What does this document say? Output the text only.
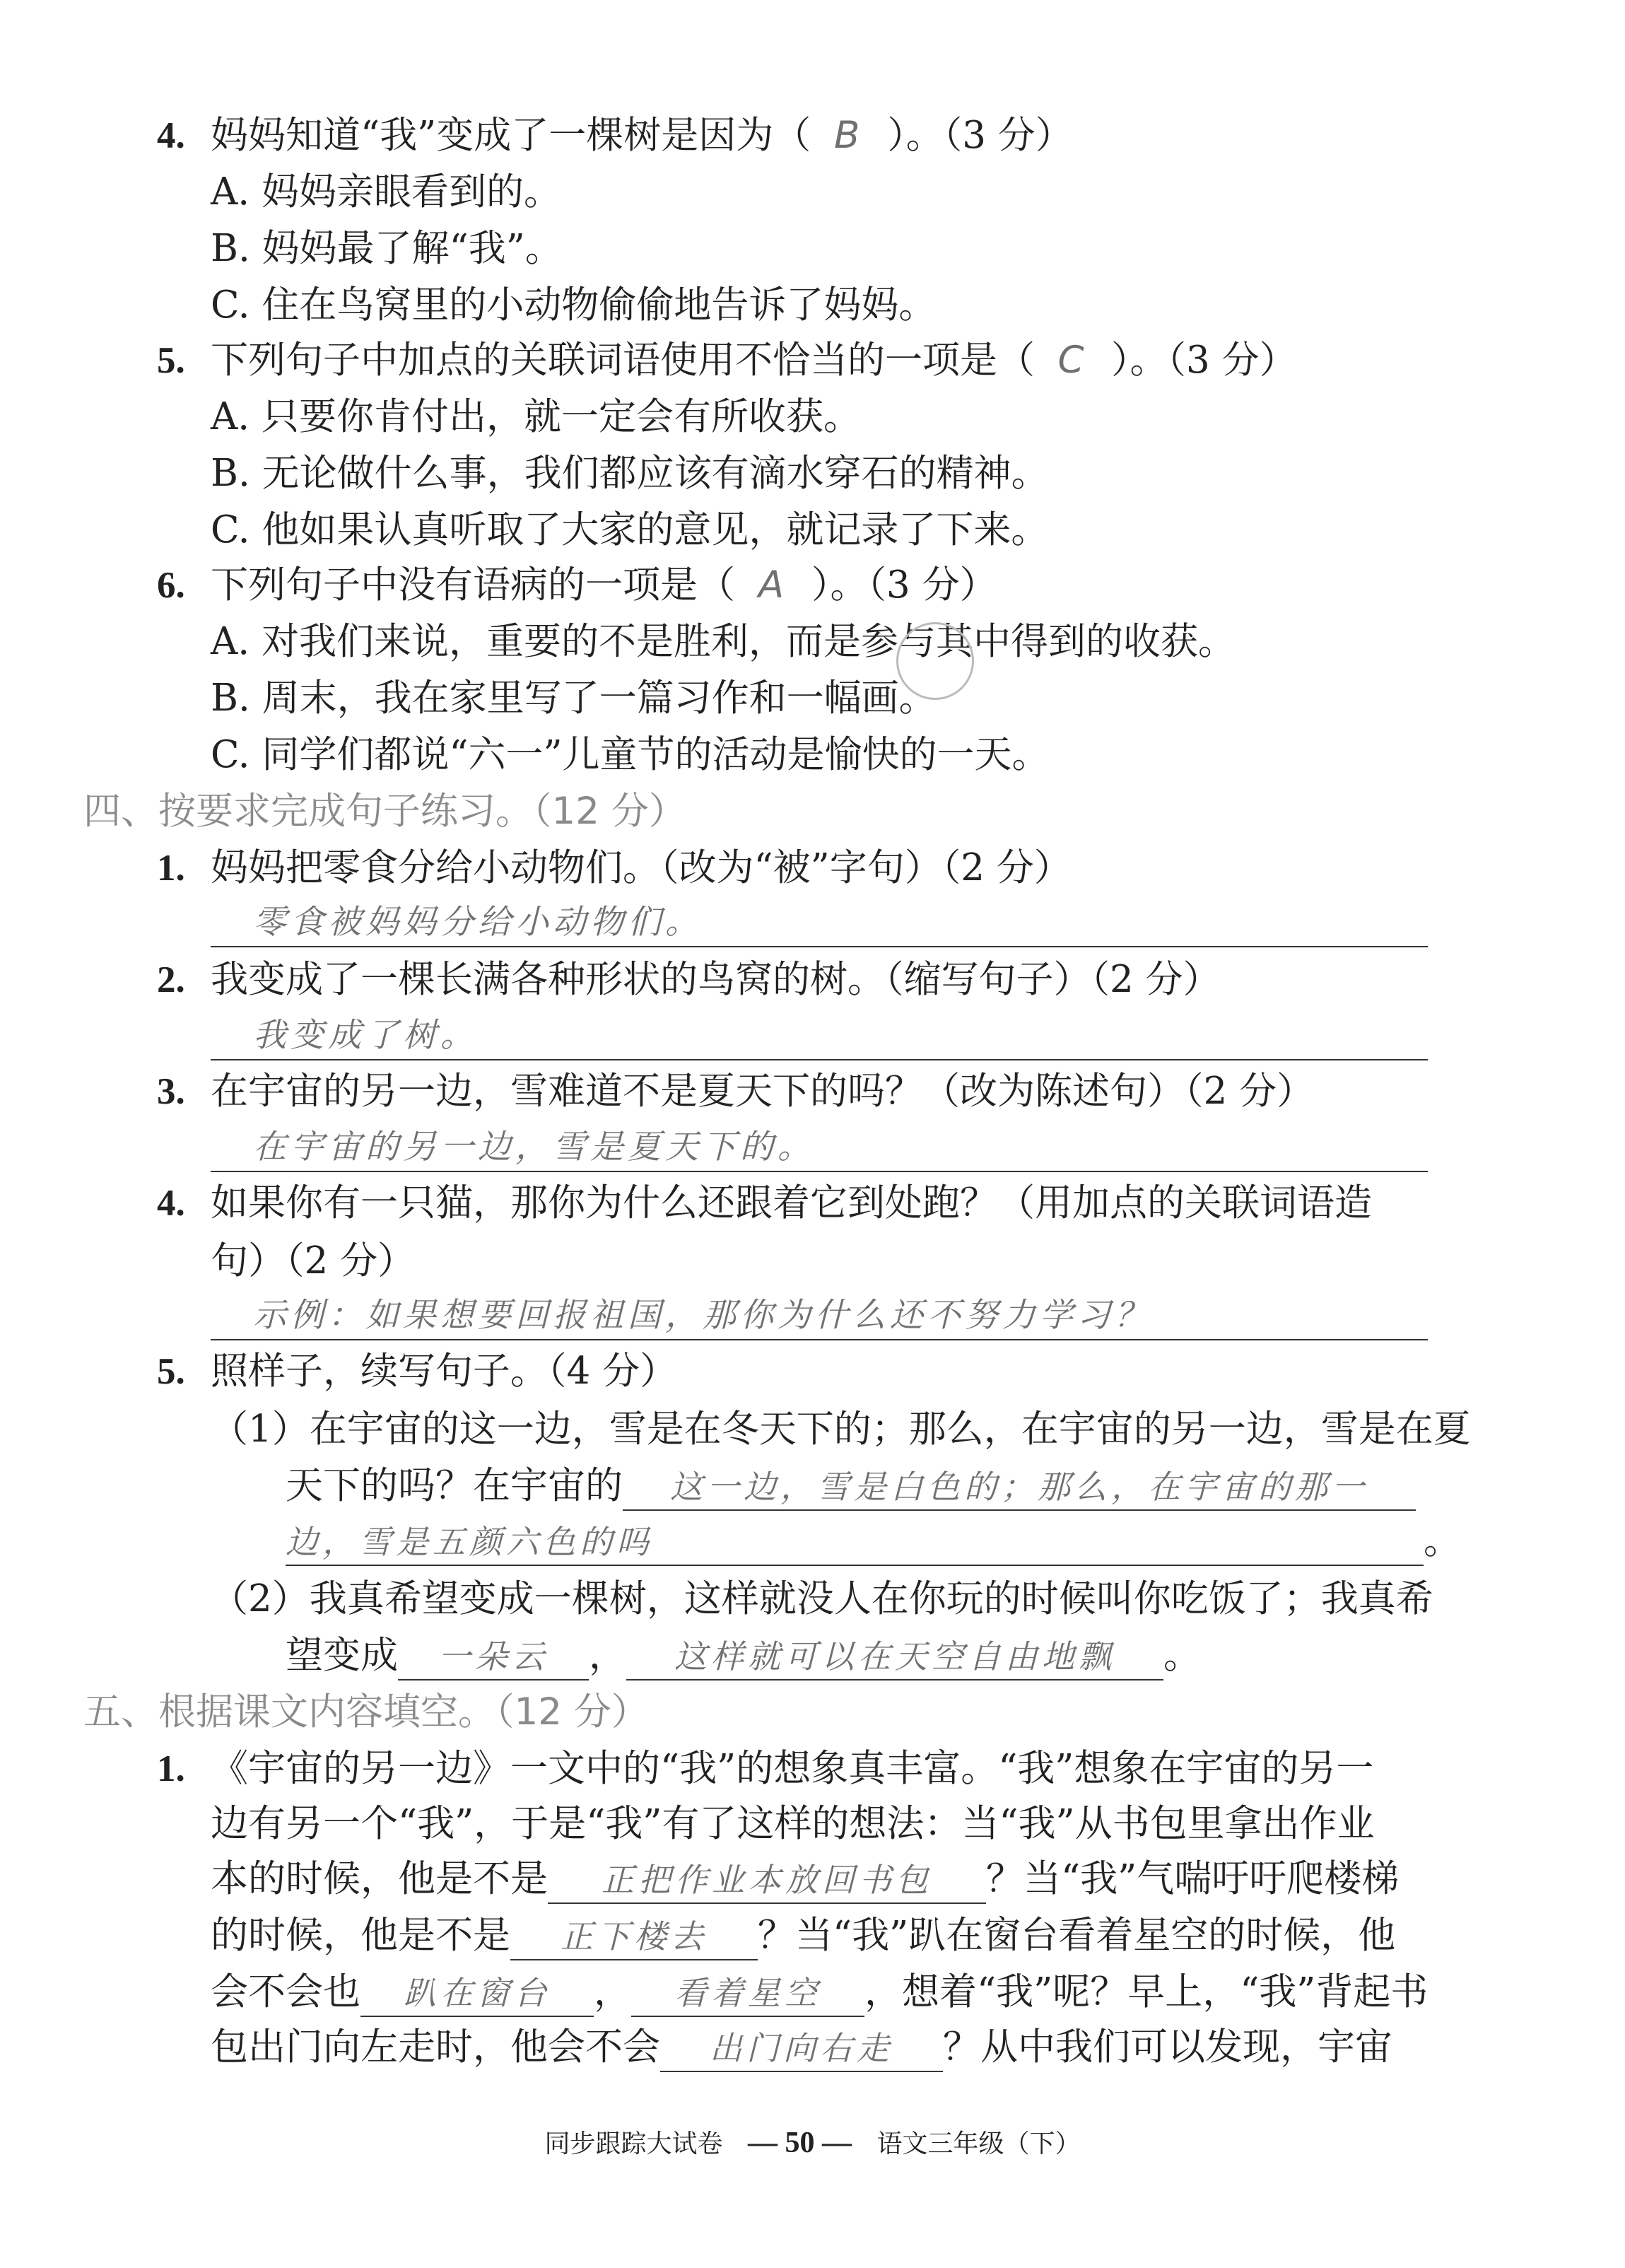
4. 妈妈知道“我”变成了一棵树是因为（ B ）。（3 分）
A. 妈妈亲眼看到的。
B. 妈妈最了解“我”。
C. 住在鸟窝里的小动物偷偷地告诉了妈妈。
5. 下列句子中加点的关联词语使用不恰当的一项是（ C ）。（3 分）
A. 只要你肯付出，就一定会有所收获。
B. 无论做什么事，我们都应该有滴水穿石的精神。
C. 他如果认真听取了大家的意见，就记录了下来。
6. 下列句子中没有语病的一项是（ A ）。（3 分）
A. 对我们来说，重要的不是胜利，而是参与其中得到的收获。
B. 周末，我在家里写了一篇习作和一幅画。
C. 同学们都说“六一”儿童节的活动是愉快的一天。
四、按要求完成句子练习。（12 分）
1. 妈妈把零食分给小动物们。（改为“被”字句）（2 分）
零食被妈妈分给小动物们。
2. 我变成了一棵长满各种形状的鸟窝的树。（缩写句子）（2 分）
我变成了树。
3. 在宇宙的另一边，雪难道不是夏天下的吗？（改为陈述句）（2 分）
在宇宙的另一边，雪是夏天下的。
4. 如果你有一只猫，那你为什么还跟着它到处跑？（用加点的关联词语造
句）（2 分）
示例：如果想要回报祖国，那你为什么还不努力学习？
5. 照样子，续写句子。（4 分）
（1）在宇宙的这一边，雪是在冬天下的；那么，在宇宙的另一边，雪是在夏
天下的吗？在宇宙的 这一边，雪是白色的；那么，在宇宙的那一
边，雪是五颜六色的吗	。
（2）我真希望变成一棵树，这样就没人在你玩的时候叫你吃饭了；我真希
望变成 一朵云 ， 这样就可以在天空自由地飘 。
五、根据课文内容填空。（12 分）
1. 《宇宙的另一边》一文中的“我”的想象真丰富。“我”想象在宇宙的另一
边有另一个“我”，于是“我”有了这样的想法：当“我”从书包里拿出作业
本的时候，他是不是 正把作业本放回书包 ？当“我”气喘吁吁爬楼梯
的时候，他是不是 正下楼去 ？当“我”趴在窗台看着星空的时候，他
会不会也 趴在窗台 ， 看着星空 ，想着“我”呢？早上，“我”背起书
包出门向左走时，他会不会 出门向右走 ？从中我们可以发现，宇宙
同步跟踪大试卷 — 50 — 语文三年级（下）
